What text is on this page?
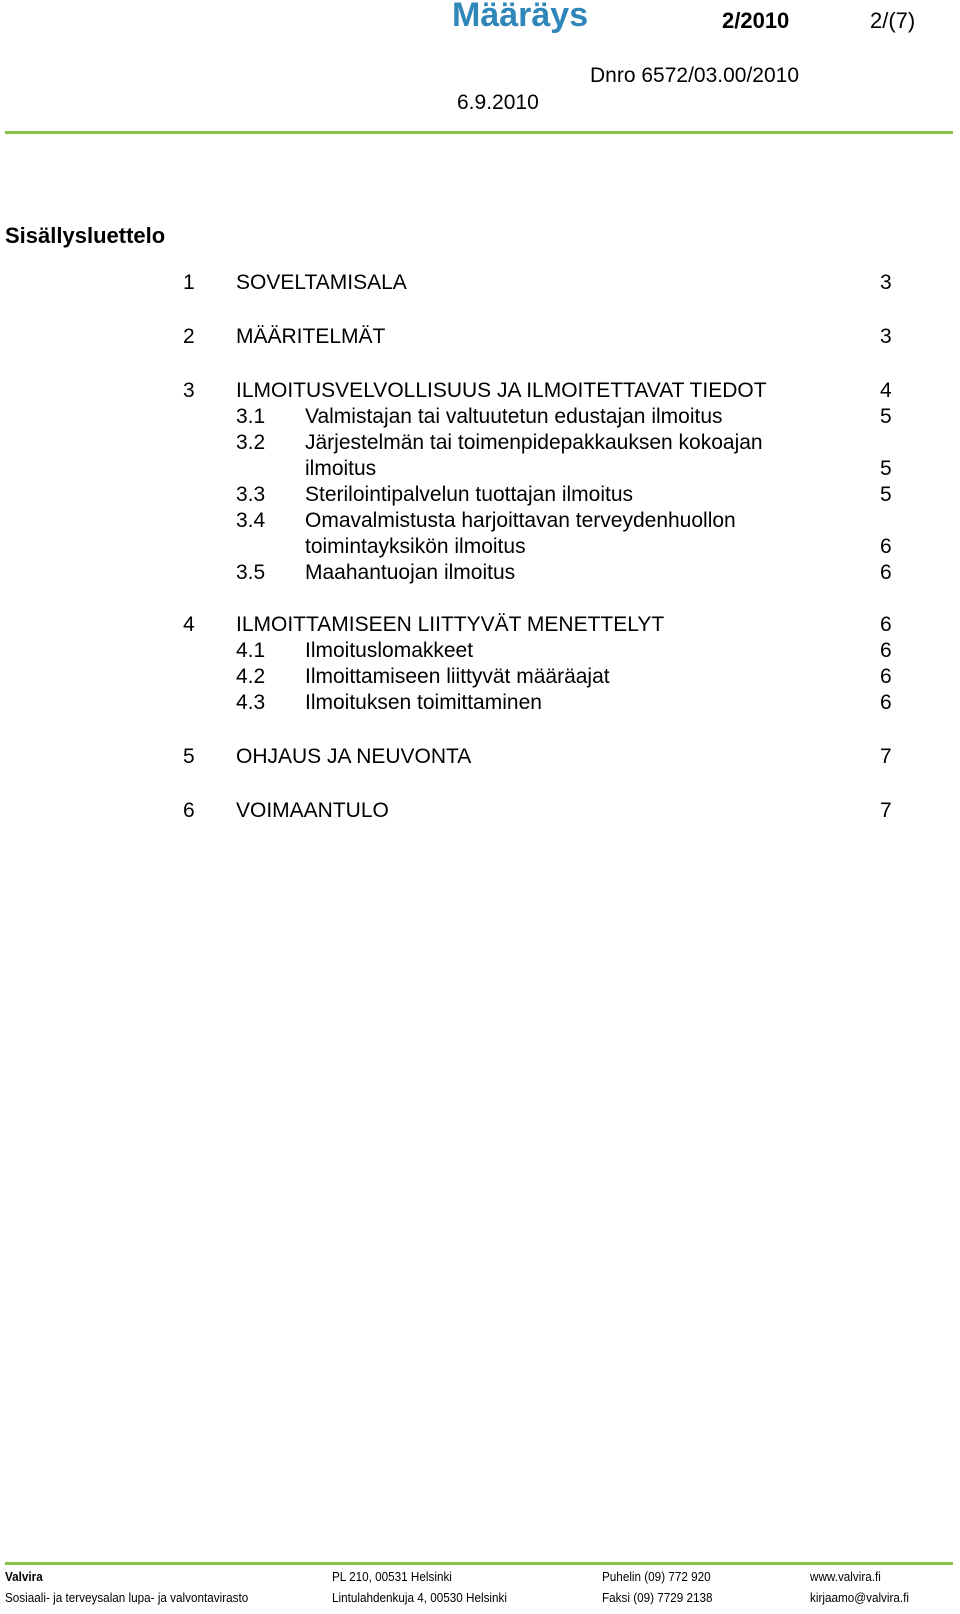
Määräys	2/2010	2/(7)
Dnro 6572/03.00/2010
6.9.2010
Sisällysluettelo
1 SOVELTAMISALA	3
2 MÄÄRITELMÄT	3
3 ILMOITUSVELVOLLISUUS JA ILMOITETTAVAT TIEDOT	4
3.1 Valmistajan tai valtuutetun edustajan ilmoitus	5
3.2 Järjestelmän tai toimenpidepakkauksen kokoajan
ilmoitus	5
3.3 Sterilointipalvelun tuottajan ilmoitus	5
3.4 Omavalmistusta harjoittavan terveydenhuollon
toimintayksikön ilmoitus	6
3.5 Maahantuojan ilmoitus	6
4 ILMOITTAMISEEN LIITTYVÄT MENETTELYT	6
4.1 Ilmoituslomakkeet	6
4.2 Ilmoittamiseen liittyvät määräajat	6
4.3 Ilmoituksen toimittaminen	6
5 OHJAUS JA NEUVONTA	7
6 VOIMAANTULO	7
Valvira
Sosiaali- ja terveysalan lupa- ja valvontavirasto
PL 210, 00531 Helsinki
Lintulahdenkuja 4, 00530 Helsinki
Puhelin (09) 772 920
Faksi (09) 7729 2138
www.valvira.fi
kirjaamo@valvira.fi
